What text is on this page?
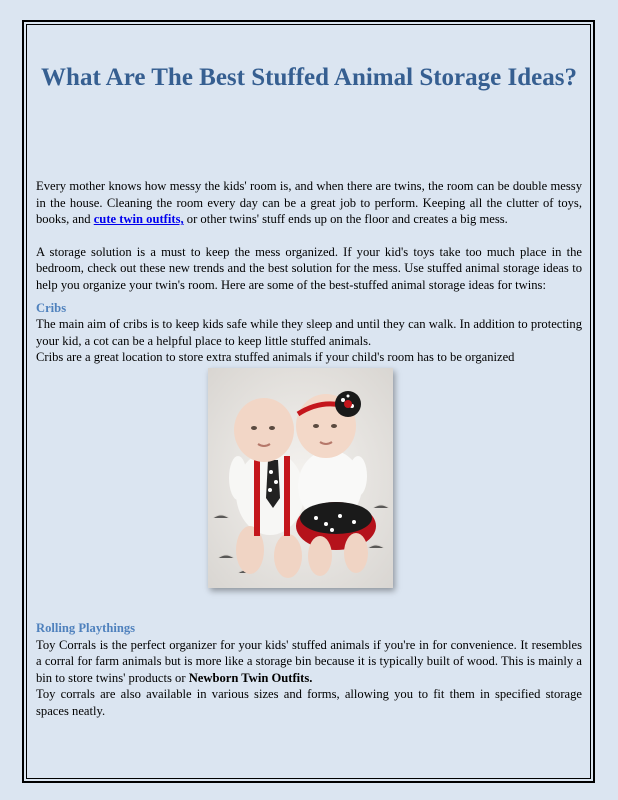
What Are The Best Stuffed Animal Storage Ideas?

Every mother knows how messy the kids' room is, and when there are twins, the room can be double messy in the house. Cleaning the room every day can be a great job to perform. Keeping all the clutter of toys, books, and cute twin outfits, or other twins' stuff ends up on the floor and creates a big mess.

A storage solution is a must to keep the mess organized. If your kid's toys take too much place in the bedroom, check out these new trends and the best solution for the mess. Use stuffed animal storage ideas to help you organize your twin's room. Here are some of the best-stuffed animal storage ideas for twins:

Cribs

The main aim of cribs is to keep kids safe while they sleep and until they can walk. In addition to protecting your kid, a cot can be a helpful place to keep little stuffed animals.

Cribs are a great location to store extra stuffed animals if your child's room has to be organized

Rolling Playthings

Toy Corrals is the perfect organizer for your kids' stuffed animals if you're in for convenience. It resembles a corral for farm animals but is more like a storage bin because it is typically built of wood. This is mainly a bin to store twins' products or Newborn Twin Outfits.

Toy corrals are also available in various sizes and forms, allowing you to fit them in specified storage spaces neatly.
